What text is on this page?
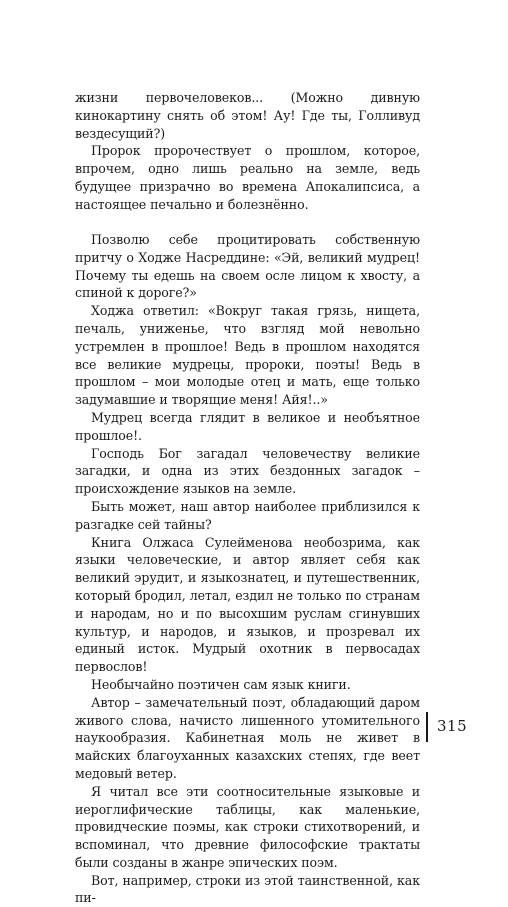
жизни первочеловеков... (Можно дивную кинокартину снять об этом! Ау! Где ты, Голливуд вездесущий?)

Пророк пророчествует о прошлом, которое, впрочем, одно лишь реально на земле, ведь будущее призрачно во времена Апокалипсиса, а настоящее печально и болезнённо.

Позволю себе процитировать собственную притчу о Ходже Насреддине: «Эй, великий мудрец! Почему ты едешь на своем осле лицом к хвосту, а спиной к дороге?»

Ходжа ответил: «Вокруг такая грязь, нищета, печаль, униженье, что взгляд мой невольно устремлен в прошлое! Ведь в прошлом находятся все великие мудрецы, пророки, поэты! Ведь в прошлом – мои молодые отец и мать, еще только задумавшие и творящие меня! Айя!..»

Мудрец всегда глядит в великое и необъятное прошлое!.

Господь Бог загадал человечеству великие загадки, и одна из этих бездонных загадок – происхождение языков на земле.

Быть может, наш автор наиболее приблизился к разгадке сей тайны?

Книга Олжаса Сулейменова необозрима, как языки человеческие, и автор являет себя как великий эрудит, и языкознатец, и путешественник, который бродил, летал, ездил не только по странам и народам, но и по высохшим руслам сгинувших культур, и народов, и языков, и прозревал их единый исток. Мудрый охотник в первосадах первослов!

Необычайно поэтичен сам язык книги.

Автор – замечательный поэт, обладающий даром живого слова, начисто лишенного утомительного наукообразия. Кабинетная моль не живет в майских благоуханных казахских степях, где веет медовый ветер.

Я читал все эти соотносительные языковые и иероглифические таблицы, как маленькие, провидческие поэмы, как строки стихотворений, и вспоминал, что древние философские трактаты были созданы в жанре эпических поэм.

Вот, например, строки из этой таинственной, как пи-

315
